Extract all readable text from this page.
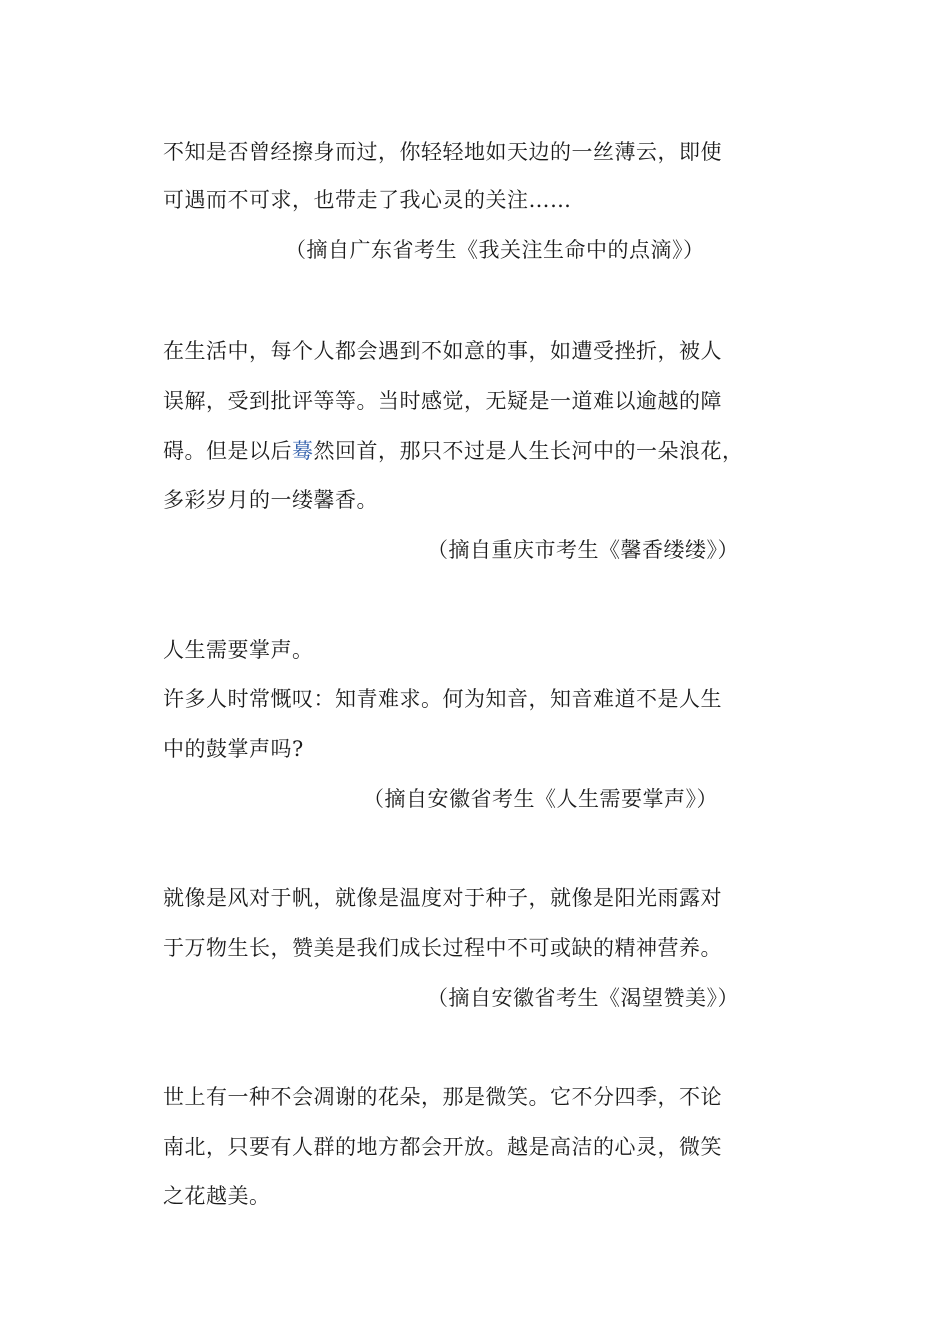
不知是否曾经擦身而过，你轻轻地如天边的一丝薄云，即使
可遇而不可求，也带走了我心灵的关注……
（摘自广东省考生《我关注生命中的点滴》）
在生活中，每个人都会遇到不如意的事，如遭受挫折，被人
误解，受到批评等等。当时感觉，无疑是一道难以逾越的障
碍。但是以后蓦然回首，那只不过是人生长河中的一朵浪花，
多彩岁月的一缕馨香。
（摘自重庆市考生《馨香缕缕》）
人生需要掌声。
许多人时常慨叹：知青难求。何为知音，知音难道不是人生
中的鼓掌声吗?
（摘自安徽省考生《人生需要掌声》）
就像是风对于帆，就像是温度对于种子，就像是阳光雨露对
于万物生长，赞美是我们成长过程中不可或缺的精神营养。
（摘自安徽省考生《渴望赞美》）
世上有一种不会凋谢的花朵，那是微笑。它不分四季，不论
南北，只要有人群的地方都会开放。越是高洁的心灵，微笑
之花越美。
